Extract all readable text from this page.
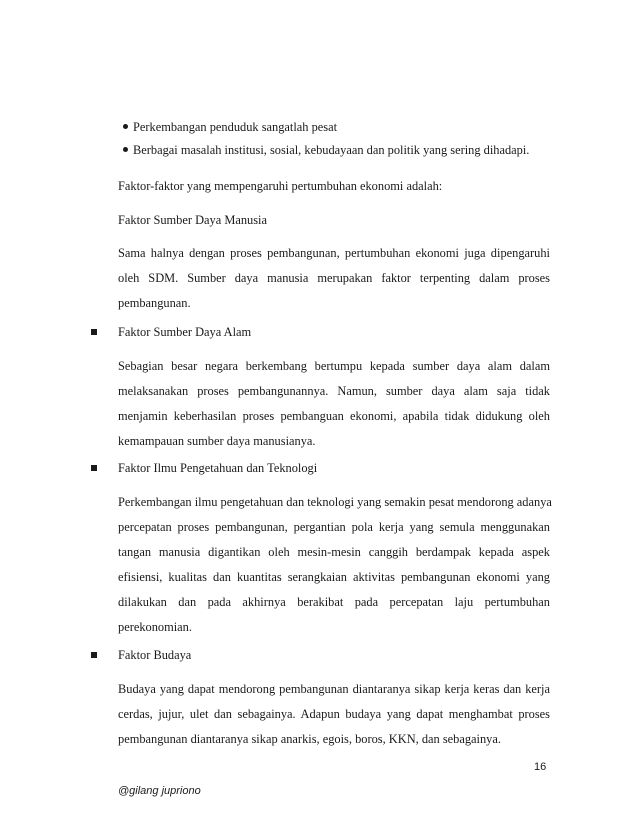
Perkembangan penduduk sangatlah pesat
Berbagai masalah institusi, sosial, kebudayaan dan politik yang sering dihadapi.
Faktor-faktor yang mempengaruhi pertumbuhan ekonomi adalah:
Faktor Sumber Daya Manusia
Sama halnya dengan proses pembangunan, pertumbuhan ekonomi juga dipengaruhi
oleh SDM. Sumber daya manusia merupakan faktor terpenting dalam proses
pembangunan.
Faktor Sumber Daya Alam
Sebagian besar negara berkembang bertumpu kepada sumber daya alam dalam
melaksanakan proses pembangunannya. Namun, sumber daya alam saja tidak
menjamin keberhasilan proses pembanguan ekonomi, apabila tidak didukung oleh
kemampauan sumber daya manusianya.
Faktor Ilmu Pengetahuan dan Teknologi
Perkembangan ilmu pengetahuan dan teknologi yang semakin pesat mendorong adanya
percepatan proses pembangunan, pergantian pola kerja yang semula menggunakan
tangan manusia digantikan oleh mesin-mesin canggih berdampak kepada aspek
efisiensi, kualitas dan kuantitas serangkaian aktivitas pembangunan ekonomi yang
dilakukan dan pada akhirnya berakibat pada percepatan laju pertumbuhan
perekonomian.
Faktor Budaya
Budaya yang dapat mendorong pembangunan diantaranya sikap kerja keras dan kerja
cerdas, jujur, ulet dan sebagainya. Adapun budaya yang dapat menghambat proses
pembangunan diantaranya sikap anarkis, egois, boros, KKN, dan sebagainya.
16
@gilang jupriono
